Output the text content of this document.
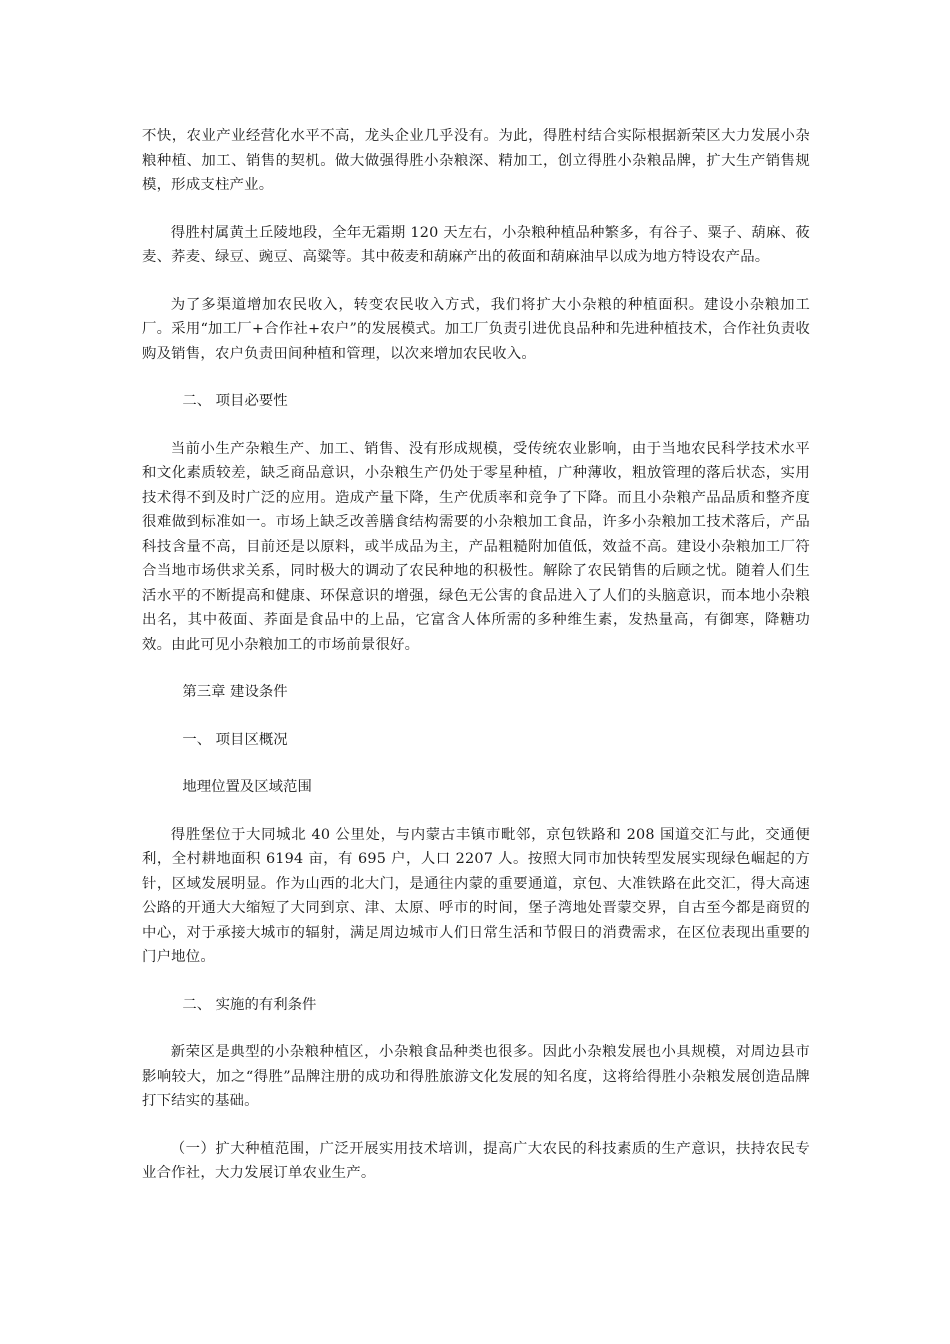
不快，农业产业经营化水平不高，龙头企业几乎没有。为此，得胜村结合实际根据新荣区大力发展小杂粮种植、加工、销售的契机。做大做强得胜小杂粮深、精加工，创立得胜小杂粮品牌，扩大生产销售规模，形成支柱产业。

得胜村属黄土丘陵地段，全年无霜期 120 天左右，小杂粮种植品种繁多，有谷子、粟子、葫麻、莜麦、荞麦、绿豆、豌豆、高粱等。其中莜麦和葫麻产出的莜面和葫麻油早以成为地方特设农产品。

为了多渠道增加农民收入，转变农民收入方式，我们将扩大小杂粮的种植面积。建设小杂粮加工厂。采用“加工厂+合作社+农户”的发展模式。加工厂负责引进优良品种和先进种植技术，合作社负责收购及销售，农户负责田间种植和管理，以次来增加农民收入。

二、 项目必要性

当前小生产杂粮生产、加工、销售、没有形成规模，受传统农业影响，由于当地农民科学技术水平和文化素质较差，缺乏商品意识，小杂粮生产仍处于零星种植，广种薄收，粗放管理的落后状态，实用技术得不到及时广泛的应用。造成产量下降，生产优质率和竞争了下降。而且小杂粮产品品质和整齐度很难做到标准如一。市场上缺乏改善膳食结构需要的小杂粮加工食品，许多小杂粮加工技术落后，产品科技含量不高，目前还是以原料，或半成品为主，产品粗糙附加值低，效益不高。建设小杂粮加工厂符合当地市场供求关系，同时极大的调动了农民种地的积极性。解除了农民销售的后顾之忧。随着人们生活水平的不断提高和健康、环保意识的增强，绿色无公害的食品进入了人们的头脑意识，而本地小杂粮出名，其中莜面、荞面是食品中的上品，它富含人体所需的多种维生素，发热量高，有御寒，降糖功效。由此可见小杂粮加工的市场前景很好。

第三章 建设条件

一、 项目区概况

地理位置及区域范围

得胜堡位于大同城北 40 公里处，与内蒙古丰镇市毗邻，京包铁路和 208 国道交汇与此，交通便利，全村耕地面积 6194 亩，有 695 户，人口 2207 人。按照大同市加快转型发展实现绿色崛起的方针，区域发展明显。作为山西的北大门，是通往内蒙的重要通道，京包、大准铁路在此交汇，得大高速公路的开通大大缩短了大同到京、津、太原、呼市的时间，堡子湾地处晋蒙交界，自古至今都是商贸的中心，对于承接大城市的辐射，满足周边城市人们日常生活和节假日的消费需求，在区位表现出重要的门户地位。

二、 实施的有利条件

新荣区是典型的小杂粮种植区，小杂粮食品种类也很多。因此小杂粮发展也小具规模，对周边县市影响较大，加之“得胜”品牌注册的成功和得胜旅游文化发展的知名度，这将给得胜小杂粮发展创造品牌打下结实的基础。

（一）扩大种植范围，广泛开展实用技术培训，提高广大农民的科技素质的生产意识，扶持农民专业合作社，大力发展订单农业生产。
